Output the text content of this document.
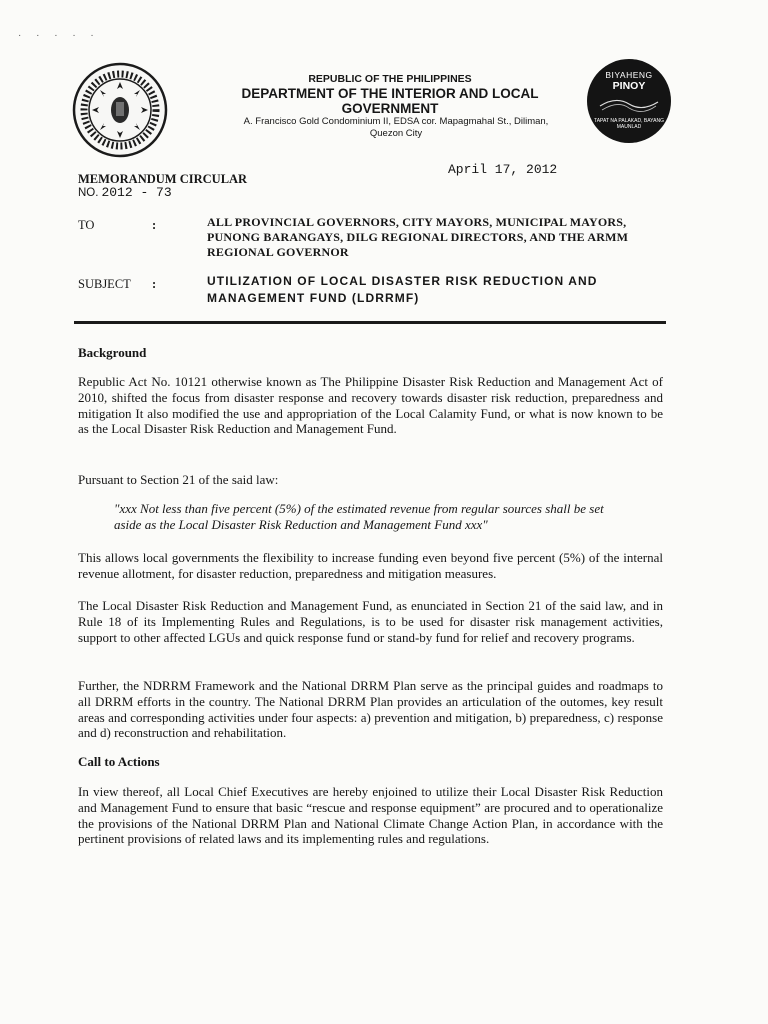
· · · · ·
BIYAHENG
PINOY
TAPAT NA PALAKAD, BAYANG MAUNLAD
REPUBLIC OF THE PHILIPPINES
DEPARTMENT OF THE INTERIOR AND LOCAL
GOVERNMENT
A. Francisco Gold Condominium II, EDSA cor. Mapagmahal St., Diliman,
Quezon City
April 17, 2012
MEMORANDUM CIRCULAR
NO. 2012 - 73
TO	:	ALL PROVINCIAL GOVERNORS, CITY MAYORS, MUNICIPAL MAYORS, PUNONG BARANGAYS, DILG REGIONAL DIRECTORS, AND THE ARMM REGIONAL GOVERNOR
SUBJECT :	UTILIZATION OF LOCAL DISASTER RISK REDUCTION AND
MANAGEMENT FUND (LDRRMF)
Background
Republic Act No. 10121 otherwise known as The Philippine Disaster Risk Reduction and Management Act of 2010, shifted the focus from disaster response and recovery towards disaster risk reduction, preparedness and mitigation It also modified the use and appropriation of the Local Calamity Fund, or what is now known to be as the Local Disaster Risk Reduction and Management Fund.
Pursuant to Section 21 of the said law:
"xxx Not less than five percent (5%) of the estimated revenue from regular sources shall be set aside as the Local Disaster Risk Reduction and Management Fund xxx"
This allows local governments the flexibility to increase funding even beyond five percent (5%) of the internal revenue allotment, for disaster reduction, preparedness and mitigation measures.
The Local Disaster Risk Reduction and Management Fund, as enunciated in Section 21 of the said law, and in Rule 18 of its Implementing Rules and Regulations, is to be used for disaster risk management activities, support to other affected LGUs and quick response fund or stand-by fund for relief and recovery programs.
Further, the NDRRM Framework and the National DRRM Plan serve as the principal guides and roadmaps to all DRRM efforts in the country. The National DRRM Plan provides an articulation of the outomes, key result areas and corresponding activities under four aspects: a) prevention and mitigation, b) preparedness, c) response and d) reconstruction and rehabilitation.
Call to Actions
In view thereof, all Local Chief Executives are hereby enjoined to utilize their Local Disaster Risk Reduction and Management Fund to ensure that basic “rescue and response equipment” are procured and to operationalize the provisions of the National DRRM Plan and National Climate Change Action Plan, in accordance with the pertinent provisions of related laws and its implementing rules and regulations.
